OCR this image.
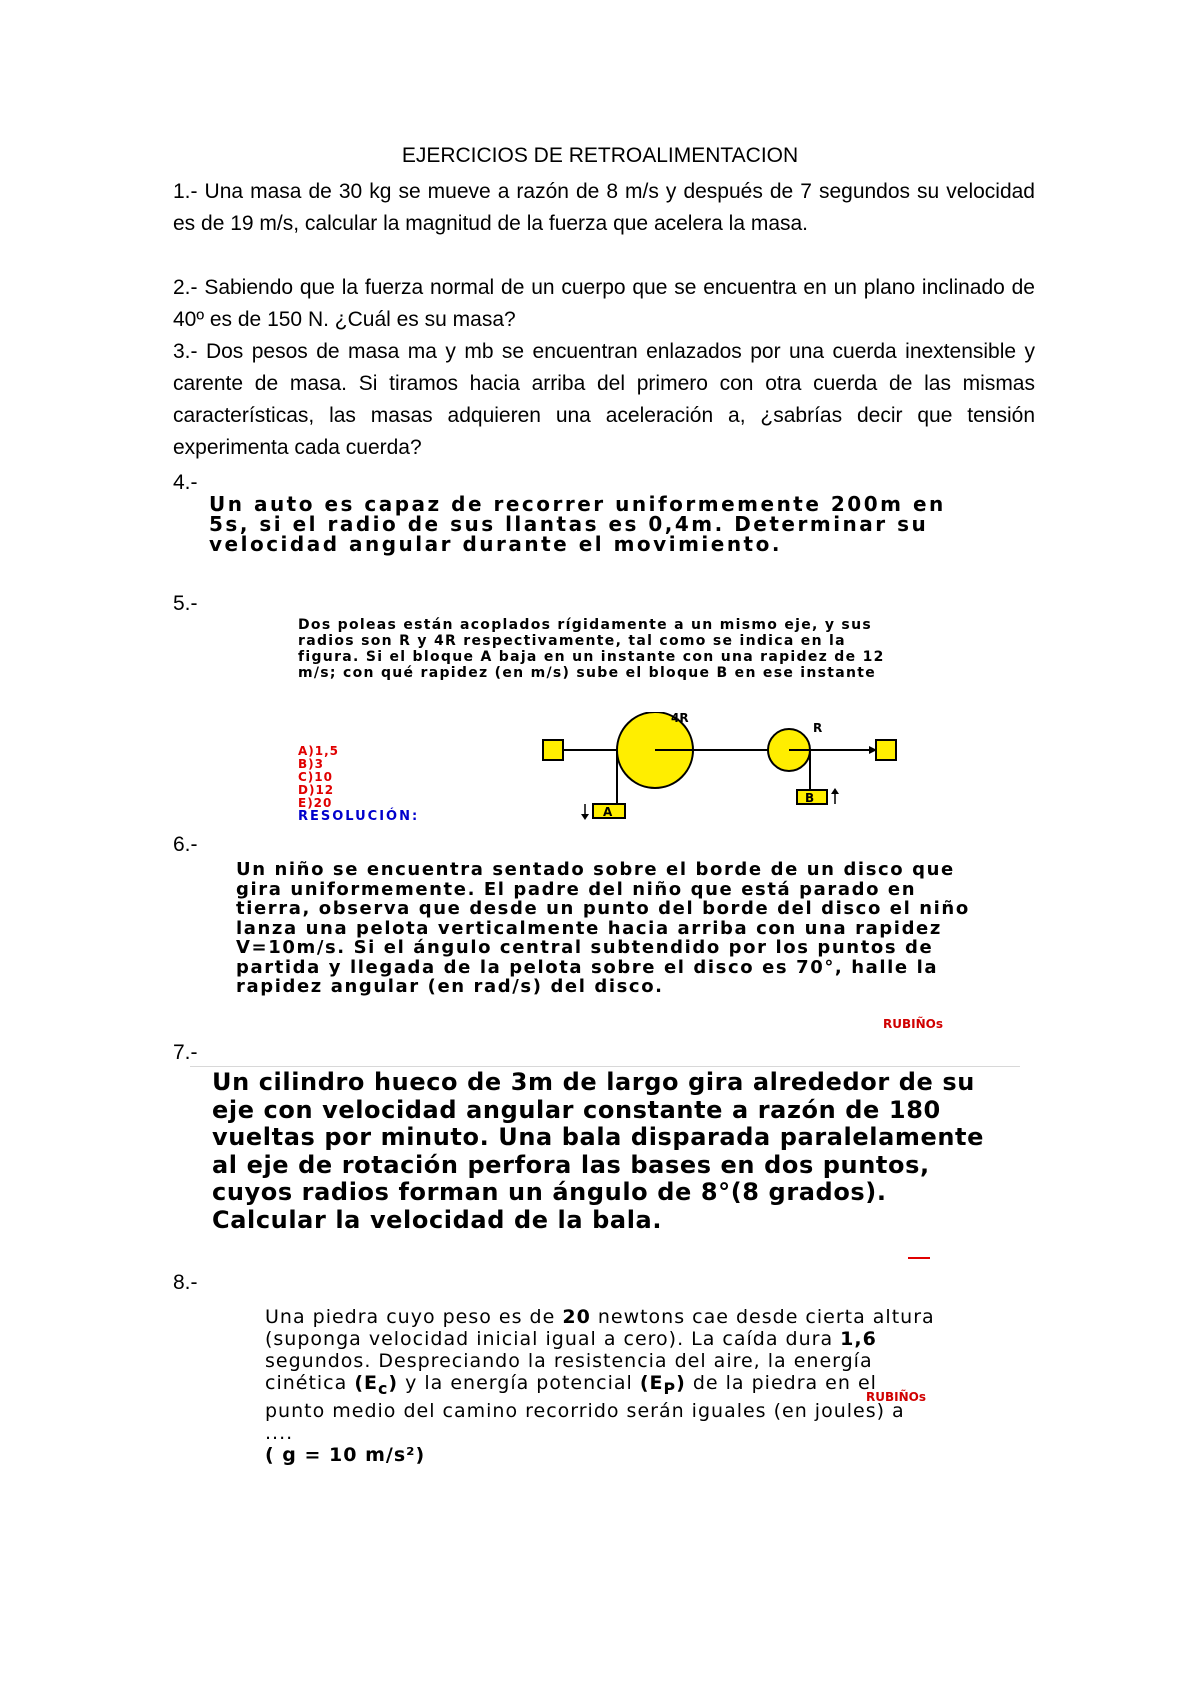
EJERCICIOS DE RETROALIMENTACION

1.- Una masa de 30 kg se mueve a razón de 8 m/s y después de 7 segundos su velocidad es de 19 m/s, calcular la magnitud de la fuerza que acelera la masa.

2.- Sabiendo que la fuerza normal de un cuerpo que se encuentra en un plano inclinado de 40º es de 150 N. ¿Cuál es su masa?

3.- Dos pesos de masa ma y mb se encuentran enlazados por una cuerda inextensible y carente de masa. Si tiramos hacia arriba del primero con otra cuerda de las mismas características, las masas adquieren una aceleración a, ¿sabrías decir que tensión experimenta cada cuerda?

4.-

Un auto es capaz de recorrer uniformemente 200m en 5s, si el radio de sus llantas es 0,4m. Determinar su velocidad angular durante el movimiento.

5.-

Dos poleas están acoplados rígidamente a un mismo eje, y sus radios son R y 4R respectivamente, tal como se indica en la figura. Si el bloque A baja en un instante con una rapidez de 12 m/s; con qué rapidez (en m/s) sube el bloque B en ese instante

A)1,5
B)3
C)10
D)12
E)20
RESOLUCIÓN:	A
B
4R
R
6.-

Un niño se encuentra sentado sobre el borde de un disco que gira uniformemente. El padre del niño que está parado en tierra, observa que desde un punto del borde del disco el niño lanza una pelota verticalmente hacia arriba con una rapidez V=10m/s. Si el ángulo central subtendido por los puntos de partida y llegada de la pelota sobre el disco es 70°, halle la rapidez angular (en rad/s) del disco.

RUBIÑOs
7.-

Un cilindro hueco de 3m de largo gira alrededor de su eje con velocidad angular constante a razón de 180 vueltas por minuto. Una bala disparada paralelamente al eje de rotación perfora las bases en dos puntos, cuyos radios forman un ángulo de 8°(8 grados). Calcular la velocidad de la bala.

8.-

Una piedra cuyo peso es de 20 newtons cae desde cierta altura (suponga velocidad inicial igual a cero). La caída dura 1,6 segundos. Despreciando la resistencia del aire, la energía cinética $(E_c)$ y la energía potencial $(E_P)$ de la piedra en el punto medio del camino recorrido serán iguales (en joules) a ....
( g = 10 m/s²)

RUBIÑOs
